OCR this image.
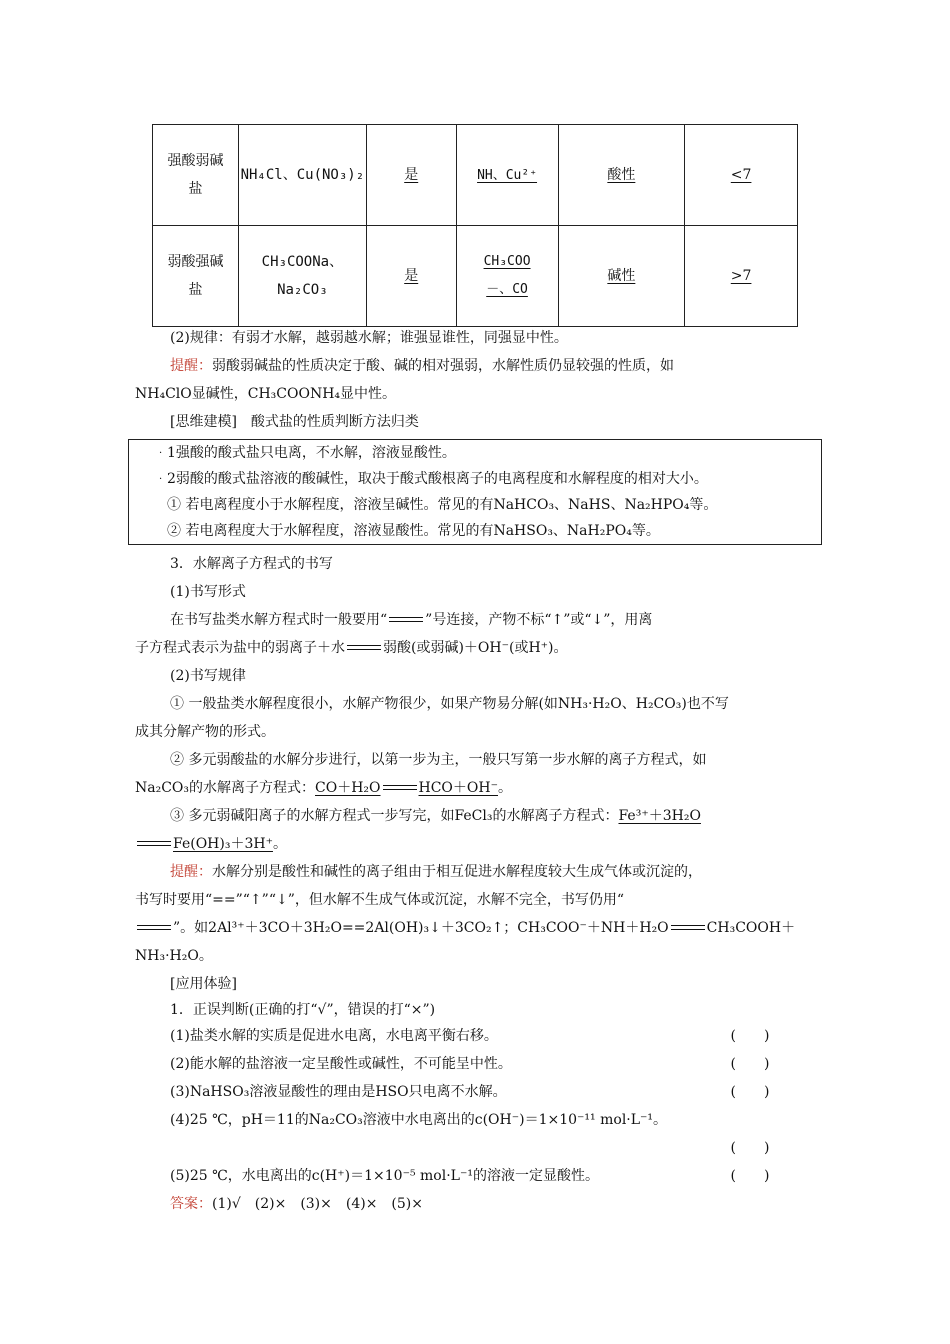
强酸弱碱盐	NH₄Cl、Cu(NO₃)₂	是	NH、Cu²⁺	酸性	<7
弱酸强碱盐	CH₃COONa、Na₂CO₃	是	CH₃COO－、CO	碱性	>7
(2)规律：有弱才水解，越弱越水解；谁强显谁性，同强显中性。
提醒：弱酸弱碱盐的性质决定于酸、碱的相对强弱，水解性质仍显较强的性质，如
NH₄ClO显碱性，CH₃COONH₄显中性。
[思维建模]　酸式盐的性质判断方法归类
· 1强酸的酸式盐只电离，不水解，溶液显酸性。
· 2弱酸的酸式盐溶液的酸碱性，取决于酸式酸根离子的电离程度和水解程度的相对大小。
① 若电离程度小于水解程度，溶液呈碱性。常见的有NaHCO₃、NaHS、Na₂HPO₄等。
② 若电离程度大于水解程度，溶液显酸性。常见的有NaHSO₃、NaH₂PO₄等。
3．水解离子方程式的书写
(1)书写形式
在书写盐类水解方程式时一般要用“	”号连接，产物不标“↑”或“↓”，用离
子方程式表示为盐中的弱离子＋水	弱酸(或弱碱)＋OH⁻(或H⁺)。
(2)书写规律
① 一般盐类水解程度很小，水解产物很少，如果产物易分解(如NH₃·H₂O、H₂CO₃)也不写
成其分解产物的形式。
② 多元弱酸盐的水解分步进行，以第一步为主，一般只写第一步水解的离子方程式，如
Na₂CO₃的水解离子方程式：CO＋H₂O	HCO＋OH⁻。
③ 多元弱碱阳离子的水解方程式一步写完，如FeCl₃的水解离子方程式：Fe³⁺＋3H₂O
Fe(OH)₃＋3H⁺。
提醒：水解分别是酸性和碱性的离子组由于相互促进水解程度较大生成气体或沉淀的，
书写时要用“==”“↑”“↓”，但水解不生成气体或沉淀，水解不完全，书写仍用“
”。如2Al³⁺＋3CO＋3H₂O==2Al(OH)₃↓＋3CO₂↑；CH₃COO⁻＋NH＋H₂O	CH₃COOH＋
NH₃·H₂O。
[应用体验]
1．正误判断(正确的打“√”，错误的打“×”)
(1)盐类水解的实质是促进水电离，水电离平衡右移。	(　　)
(2)能水解的盐溶液一定呈酸性或碱性，不可能呈中性。	(　　)
(3)NaHSO₃溶液显酸性的理由是HSO只电离不水解。	(　　)
(4)25 ℃，pH＝11的Na₂CO₃溶液中水电离出的c(OH⁻)＝1×10⁻¹¹ mol·L⁻¹。
(　　)
(5)25 ℃，水电离出的c(H⁺)＝1×10⁻⁵ mol·L⁻¹的溶液一定显酸性。	(　　)
答案：(1)√　(2)×　(3)×　(4)×　(5)×
